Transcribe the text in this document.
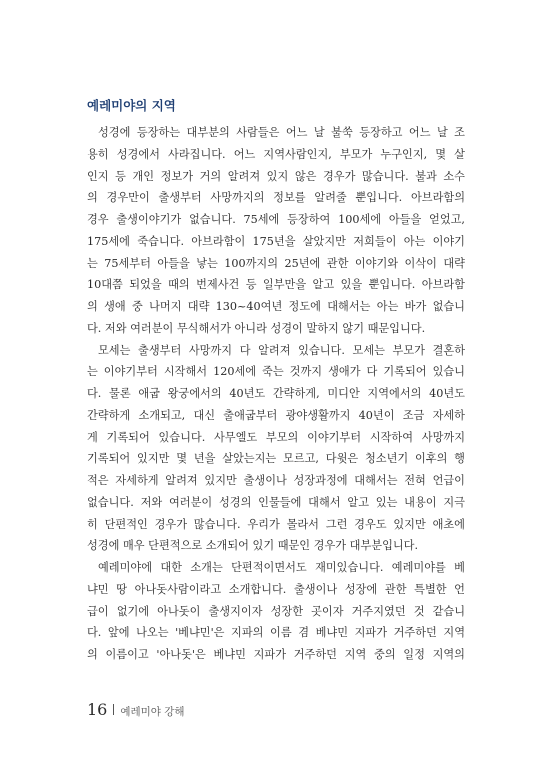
예레미야의 지역
성경에 등장하는 대부분의 사람들은 어느 날 불쑥 등장하고 어느 날 조
용히 성경에서 사라집니다. 어느 지역사람인지, 부모가 누구인지, 몇 살
인지 등 개인 정보가 거의 알려져 있지 않은 경우가 많습니다. 불과 소수
의 경우만이 출생부터 사망까지의 정보를 알려줄 뿐입니다. 아브라함의
경우 출생이야기가 없습니다. 75세에 등장하여 100세에 아들을 얻었고,
175세에 죽습니다. 아브라함이 175년을 살았지만 저희들이 아는 이야기
는 75세부터 아들을 낳는 100까지의 25년에 관한 이야기와 이삭이 대략
10대쯤 되었을 때의 번제사건 등 일부만을 알고 있을 뿐입니다. 아브라함
의 생애 중 나머지 대략 130~40여년 정도에 대해서는 아는 바가 없습니
다. 저와 여러분이 무식해서가 아니라 성경이 말하지 않기 때문입니다.
모세는 출생부터 사망까지 다 알려져 있습니다. 모세는 부모가 결혼하
는 이야기부터 시작해서 120세에 죽는 것까지 생애가 다 기록되어 있습니
다. 물론 애굽 왕궁에서의 40년도 간략하게, 미디안 지역에서의 40년도
간략하게 소개되고, 대신 출애굽부터 광야생활까지 40년이 조금 자세하
게 기록되어 있습니다. 사무엘도 부모의 이야기부터 시작하여 사망까지
기록되어 있지만 몇 년을 살았는지는 모르고, 다윗은 청소년기 이후의 행
적은 자세하게 알려져 있지만 출생이나 성장과정에 대해서는 전혀 언급이
없습니다. 저와 여러분이 성경의 인물들에 대해서 알고 있는 내용이 지극
히 단편적인 경우가 많습니다. 우리가 몰라서 그런 경우도 있지만 애초에
성경에 매우 단편적으로 소개되어 있기 때문인 경우가 대부분입니다.
예레미야에 대한 소개는 단편적이면서도 재미있습니다. 예레미야를 베
냐민 땅 아나돗사람이라고 소개합니다. 출생이나 성장에 관한 특별한 언
급이 없기에 아나돗이 출생지이자 성장한 곳이자 거주지였던 것 같습니
다. 앞에 나오는 '베냐민'은 지파의 이름 겸 베냐민 지파가 거주하던 지역
의 이름이고 '아나돗'은 베냐민 지파가 거주하던 지역 중의 일정 지역의
16 예레미야 강해
